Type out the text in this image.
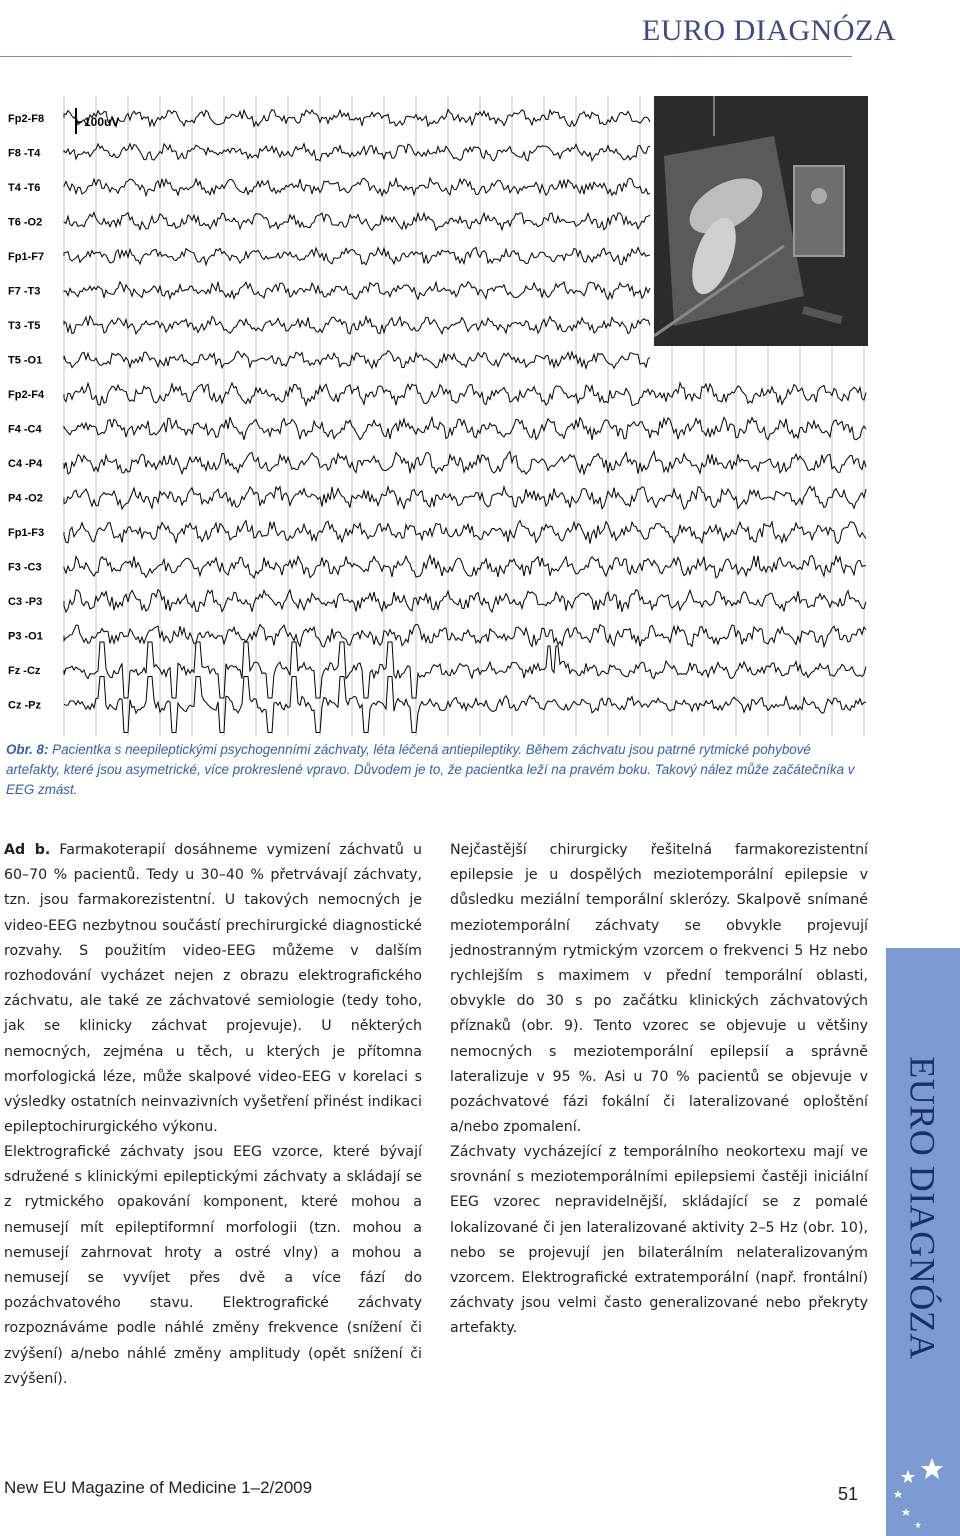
EURO DIAGNÓZA
Fp2-F8
F8 -T4
T4 -T6
T6 -O2
Fp1-F7
F7 -T3
T3 -T5
T5 -O1
Fp2-F4
F4 -C4
C4 -P4
P4 -O2
Fp1-F3
F3 -C3
C3 -P3
P3 -O1
Fz -Cz
Cz -Pz
100uV
Obr. 8: Pacientka s neepileptickými psychogenními záchvaty, léta léčená antiepileptiky. Během záchvatu jsou patrné rytmické pohybové artefakty, které jsou asymetrické, více prokreslené vpravo. Důvodem je to, že pacientka leží na pravém boku. Takový nález může začátečníka v EEG zmást.

Ad b. Farmakoterapií dosáhneme vymizení záchvatů u 60–70 % pacientů. Tedy u 30–40 % přetrvávají záchvaty, tzn. jsou farmakorezistentní. U takových nemocných je video-EEG nezbytnou součástí prechirurgické diagnostické rozvahy. S použitím video-EEG můžeme v dalším rozhodování vycházet nejen z obrazu elektrografického záchvatu, ale také ze záchvatové semiologie (tedy toho, jak se klinicky záchvat projevuje). U některých nemocných, zejména u těch, u kterých je přítomna morfologická léze, může skalpové video-EEG v korelaci s výsledky ostatních neinvazivních vyšetření přinést indikaci epileptochirurgického výkonu.

Elektrografické záchvaty jsou EEG vzorce, které bývají sdružené s klinickými epileptickými záchvaty a skládají se z rytmického opakování komponent, které mohou a nemusejí mít epileptiformní morfologii (tzn. mohou a nemusejí zahrnovat hroty a ostré vlny) a mohou a nemusejí se vyvíjet přes dvě a více fází do pozáchvatového stavu. Elektrografické záchvaty rozpoznáváme podle náhlé změny frekvence (snížení či zvýšení) a/nebo náhlé změny amplitudy (opět snížení či zvýšení).

Nejčastější chirurgicky řešitelná farmakorezistentní epilepsie je u dospělých meziotemporální epilepsie v důsledku meziální temporální sklerózy. Skalpově snímané meziotemporální záchvaty se obvykle projevují jednostranným rytmickým vzorcem o frekvenci 5 Hz nebo rychlejším s maximem v přední temporální oblasti, obvykle do 30 s po začátku klinických záchvatových příznaků (obr. 9). Tento vzorec se objevuje u většiny nemocných s meziotemporální epilepsií a správně lateralizuje v 95 %. Asi u 70 % pacientů se objevuje v pozáchvatové fázi fokální či lateralizované oploštění a/nebo zpomalení.

Záchvaty vycházející z temporálního neokortexu mají ve srovnání s meziotemporálními epilepsiemi častěji iniciální EEG vzorec nepravidelnější, skládající se z pomalé lokalizované či jen lateralizované aktivity 2–5 Hz (obr. 10), nebo se projevují jen bilaterálním nelateralizovaným vzorcem. Elektrografické extratemporální (např. frontální) záchvaty jsou velmi často generalizované nebo překryty artefakty.

New EU Magazine of Medicine 1–2/2009	51
EURO DIAGNÓZA
